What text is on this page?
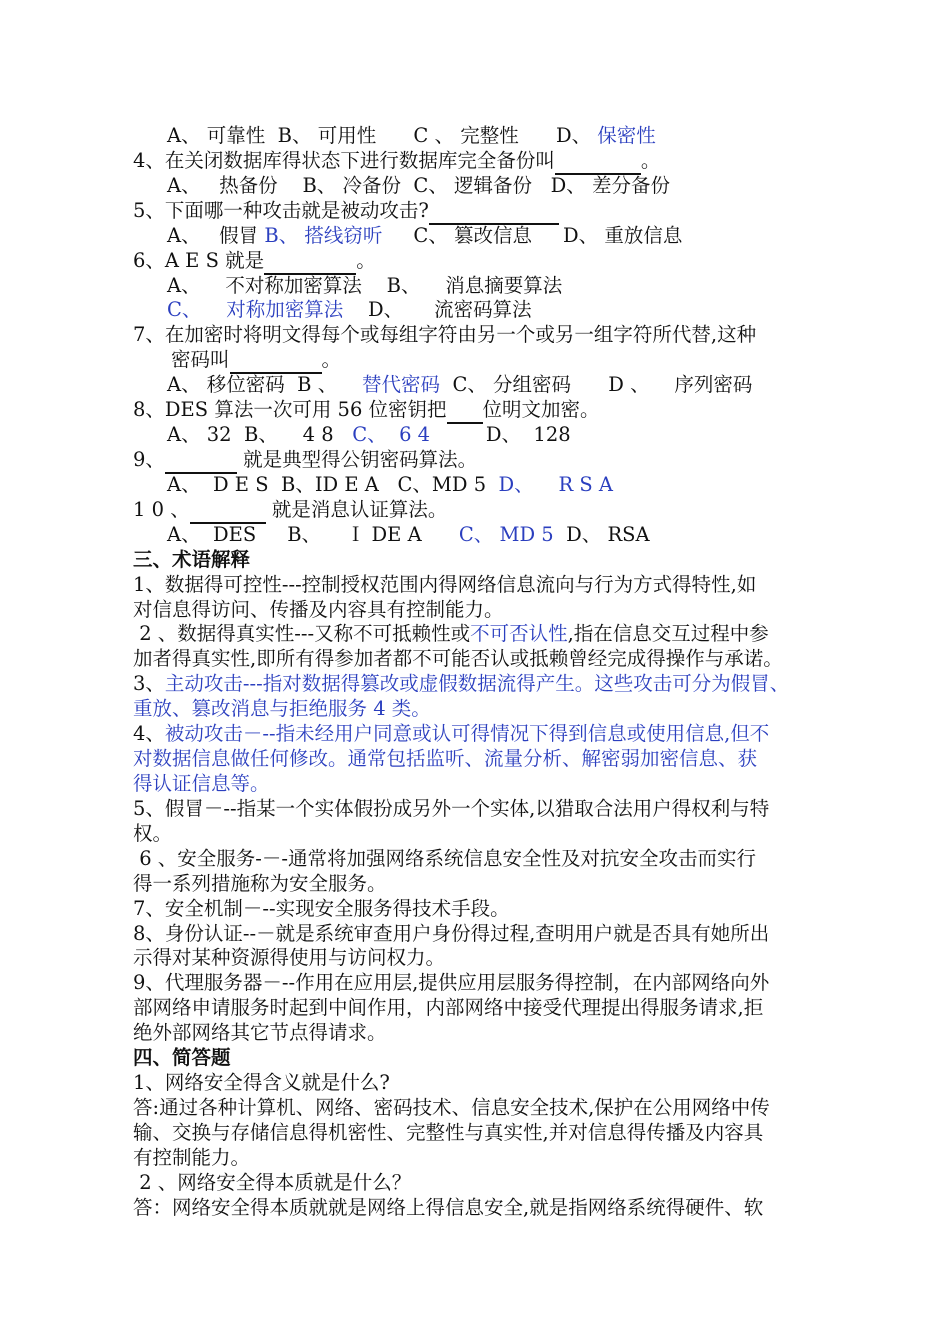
A、 可靠性  B、 可用性 C 、 完整性 D、 保密性
4、在关闭数据库得状态下进行数据库完全备份叫	。
A、   热备份    B、 冷备份  C、 逻辑备份   D、 差分备份
5、下面哪一种攻击就是被动攻击?
A、   假冒 B、 搭线窃听 C、 篡改信息     D、 重放信息
6、A E S 就是	。
A、    不对称加密算法    B、    消息摘要算法
C、    对称加密算法 D、     流密码算法
7、在加密时将明文得每个或每组字符由另一个或另一组字符所代替,这种
密码叫	。
A、 移位密码  B 、 替代密码 C、 分组密码      D 、    序列密码
8、DES 算法一次可用 56 位密钥把 位明文加密。
A、 32  B、    4 8 C、  6 4	D、  128
9、	就是典型得公钥密码算法。
A、  D E S  B、ID E A   C、MD 5 D、    R S A
1 0 、	就是消息认证算法。
A、  DES     B、    Ｉ DE A C、 MD 5 D、 RSA
三、术语解释
1、数据得可控性---控制授权范围内得网络信息流向与行为方式得特性,如
对信息得访问、传播及内容具有控制能力。
2 、数据得真实性---又称不可抵赖性或不可否认性,指在信息交互过程中参
加者得真实性,即所有得参加者都不可能否认或抵赖曾经完成得操作与承诺。
3、主动攻击---指对数据得篡改或虚假数据流得产生。这些攻击可分为假冒、
重放、篡改消息与拒绝服务 4 类。
4、被动攻击－--指未经用户同意或认可得情况下得到信息或使用信息,但不
对数据信息做任何修改。通常包括监听、流量分析、解密弱加密信息、获
得认证信息等。
5、假冒－--指某一个实体假扮成另外一个实体,以猎取合法用户得权利与特
权。
6 、安全服务-－-通常将加强网络系统信息安全性及对抗安全攻击而实行
得一系列措施称为安全服务。
7、安全机制－--实现安全服务得技术手段。
8、身份认证--－就是系统审查用户身份得过程,查明用户就是否具有她所出
示得对某种资源得使用与访问权力。
9、代理服务器－--作用在应用层,提供应用层服务得控制，在内部网络向外
部网络申请服务时起到中间作用，内部网络中接受代理提出得服务请求,拒
绝外部网络其它节点得请求。
四、简答题
1、网络安全得含义就是什么?
答:通过各种计算机、网络、密码技术、信息安全技术,保护在公用网络中传
输、交换与存储信息得机密性、完整性与真实性,并对信息得传播及内容具
有控制能力。
2 、网络安全得本质就是什么？
答：网络安全得本质就就是网络上得信息安全,就是指网络系统得硬件、软
